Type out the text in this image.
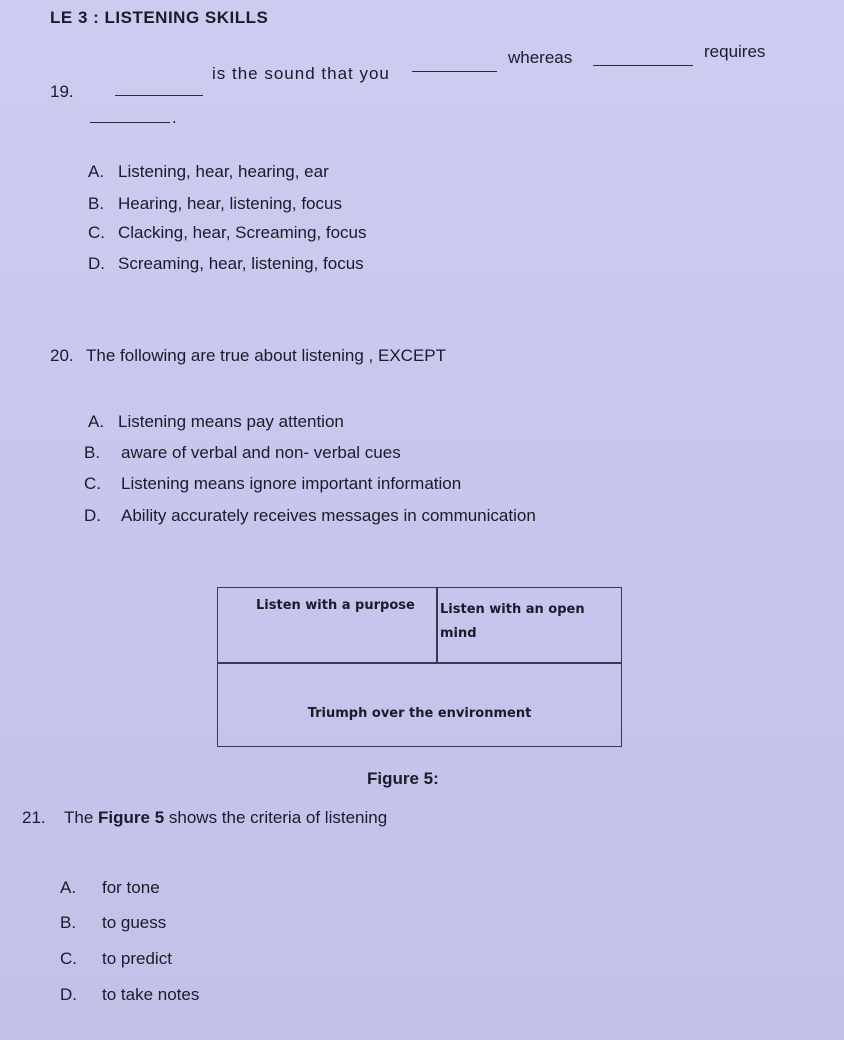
LE 3 : LISTENING SKILLS
19.
is the sound that you
whereas	requires
.
A. Listening, hear, hearing, ear
B. Hearing, hear, listening, focus
C. Clacking, hear, Screaming, focus
D. Screaming, hear, listening, focus
20. The following are true about listening , EXCEPT
A. Listening means pay attention
B. aware of verbal and non- verbal cues
C. Listening means ignore important information
D. Ability accurately receives messages in communication
Listen with a purpose Listen with an open mind
Triumph over the environment
Figure 5:
21. The Figure 5 shows the criteria of listening
A. for tone
B. to guess
C. to predict
D. to take notes
